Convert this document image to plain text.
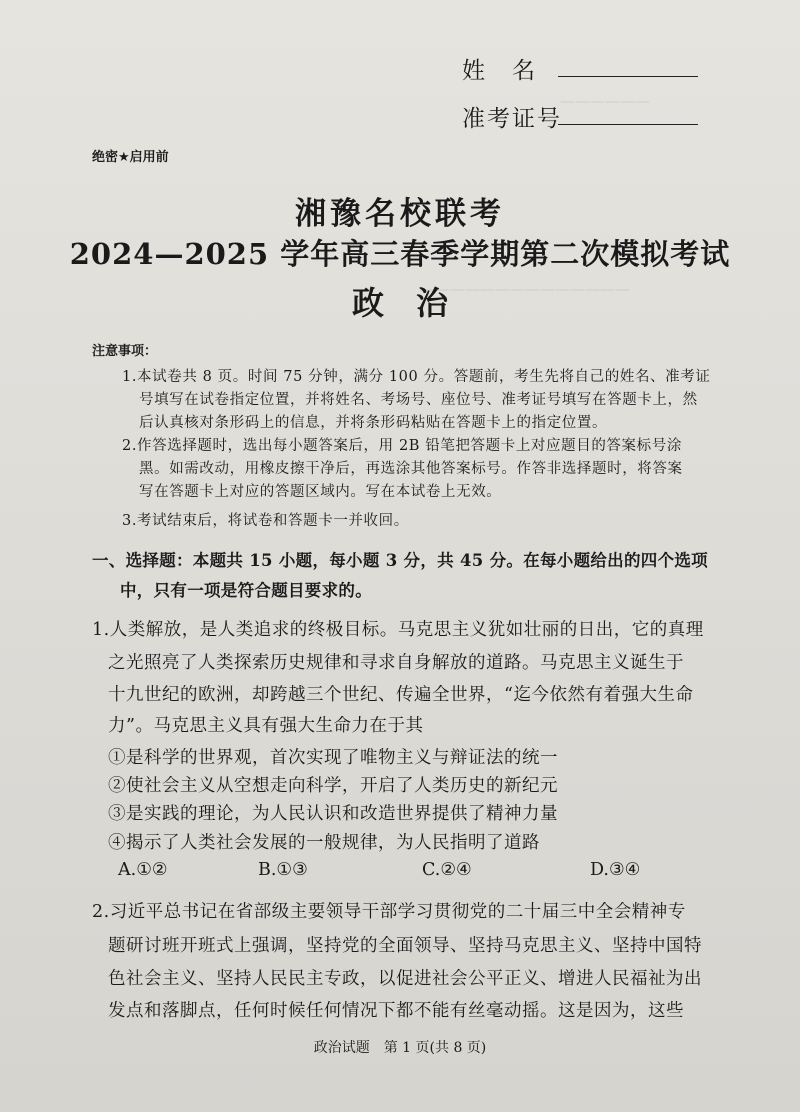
——————
——————————————
姓　名
准考证号
绝密★启用前
湘豫名校联考
2024—2025 学年高三春季学期第二次模拟考试
政治
注意事项：
1.本试卷共 8 页。时间 75 分钟，满分 100 分。答题前，考生先将自己的姓名、准考证
号填写在试卷指定位置，并将姓名、考场号、座位号、准考证号填写在答题卡上，然
后认真核对条形码上的信息，并将条形码粘贴在答题卡上的指定位置。
2.作答选择题时，选出每小题答案后，用 2B 铅笔把答题卡上对应题目的答案标号涂
黑。如需改动，用橡皮擦干净后，再选涂其他答案标号。作答非选择题时，将答案
写在答题卡上对应的答题区域内。写在本试卷上无效。
3.考试结束后，将试卷和答题卡一并收回。
一、选择题：本题共 15 小题，每小题 3 分，共 45 分。在每小题给出的四个选项
中，只有一项是符合题目要求的。
1.人类解放，是人类追求的终极目标。马克思主义犹如壮丽的日出，它的真理
之光照亮了人类探索历史规律和寻求自身解放的道路。马克思主义诞生于
十九世纪的欧洲，却跨越三个世纪、传遍全世界，“迄今依然有着强大生命
力”。马克思主义具有强大生命力在于其
①是科学的世界观，首次实现了唯物主义与辩证法的统一
②使社会主义从空想走向科学，开启了人类历史的新纪元
③是实践的理论，为人民认识和改造世界提供了精神力量
④揭示了人类社会发展的一般规律，为人民指明了道路
A.①②	B.①③	C.②④	D.③④
2.习近平总书记在省部级主要领导干部学习贯彻党的二十届三中全会精神专
题研讨班开班式上强调，坚持党的全面领导、坚持马克思主义、坚持中国特
色社会主义、坚持人民民主专政，以促进社会公平正义、增进人民福祉为出
发点和落脚点，任何时候任何情况下都不能有丝毫动摇。这是因为，这些
政治试题　第 1 页(共 8 页)
